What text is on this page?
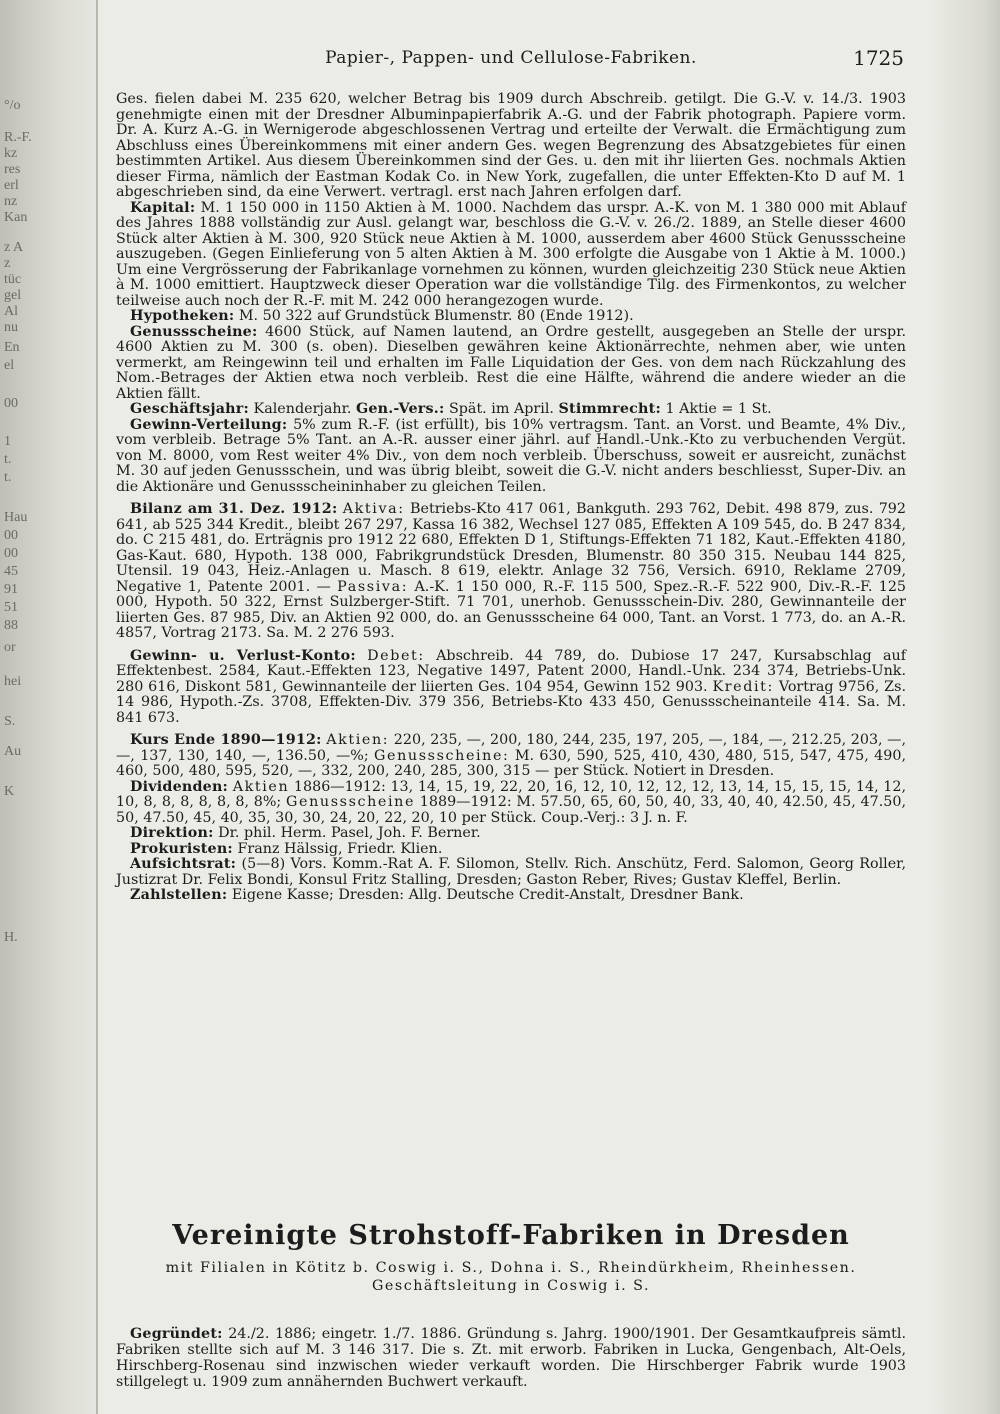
°/o
R.-F.
kz
res
erl
nz
Kan
z A
z
tüc
gel
Al
nu
En
el
00
1
t.
t.
Hau
00
00
45
91
51
88
or
hei
S.
Au
K
H.
Papier-, Pappen- und Cellulose-Fabriken.	1725

Ges. fielen dabei M. 235 620, welcher Betrag bis 1909 durch Abschreib. getilgt. Die G.-V. v. 14./3. 1903 genehmigte einen mit der Dresdner Albuminpapierfabrik A.-G. und der Fabrik photograph. Papiere vorm. Dr. A. Kurz A.-G. in Wernigerode abgeschlossenen Vertrag und erteilte der Verwalt. die Ermächtigung zum Abschluss eines Übereinkommens mit einer andern Ges. wegen Begrenzung des Absatzgebietes für einen bestimmten Artikel. Aus diesem Übereinkommen sind der Ges. u. den mit ihr liierten Ges. nochmals Aktien dieser Firma, nämlich der Eastman Kodak Co. in New York, zugefallen, die unter Effekten-Kto D auf M. 1 abgeschrieben sind, da eine Verwert. vertragl. erst nach Jahren erfolgen darf.

Kapital: M. 1 150 000 in 1150 Aktien à M. 1000. Nachdem das urspr. A.-K. von M. 1 380 000 mit Ablauf des Jahres 1888 vollständig zur Ausl. gelangt war, beschloss die G.-V. v. 26./2. 1889, an Stelle dieser 4600 Stück alter Aktien à M. 300, 920 Stück neue Aktien à M. 1000, ausserdem aber 4600 Stück Genussscheine auszugeben. (Gegen Einlieferung von 5 alten Aktien à M. 300 erfolgte die Ausgabe von 1 Aktie à M. 1000.) Um eine Vergrösserung der Fabrikanlage vornehmen zu können, wurden gleichzeitig 230 Stück neue Aktien à M. 1000 emittiert. Hauptzweck dieser Operation war die vollständige Tilg. des Firmenkontos, zu welcher teilweise auch noch der R.-F. mit M. 242 000 herangezogen wurde.

Hypotheken: M. 50 322 auf Grundstück Blumenstr. 80 (Ende 1912).

Genussscheine: 4600 Stück, auf Namen lautend, an Ordre gestellt, ausgegeben an Stelle der urspr. 4600 Aktien zu M. 300 (s. oben). Dieselben gewähren keine Aktionärrechte, nehmen aber, wie unten vermerkt, am Reingewinn teil und erhalten im Falle Liquidation der Ges. von dem nach Rückzahlung des Nom.-Betrages der Aktien etwa noch verbleib. Rest die eine Hälfte, während die andere wieder an die Aktien fällt.

Geschäftsjahr: Kalenderjahr. Gen.-Vers.: Spät. im April. Stimmrecht: 1 Aktie = 1 St.

Gewinn-Verteilung: 5% zum R.-F. (ist erfüllt), bis 10% vertragsm. Tant. an Vorst. und Beamte, 4% Div., vom verbleib. Betrage 5% Tant. an A.-R. ausser einer jährl. auf Handl.-Unk.-Kto zu verbuchenden Vergüt. von M. 8000, vom Rest weiter 4% Div., von dem noch verbleib. Überschuss, soweit er ausreicht, zunächst M. 30 auf jeden Genussschein, und was übrig bleibt, soweit die G.-V. nicht anders beschliesst, Super-Div. an die Aktionäre und Genussscheininhaber zu gleichen Teilen.

Bilanz am 31. Dez. 1912: Aktiva: Betriebs-Kto 417 061, Bankguth. 293 762, Debit. 498 879, zus. 792 641, ab 525 344 Kredit., bleibt 267 297, Kassa 16 382, Wechsel 127 085, Effekten A 109 545, do. B 247 834, do. C 215 481, do. Erträgnis pro 1912 22 680, Effekten D 1, Stiftungs-Effekten 71 182, Kaut.-Effekten 4180, Gas-Kaut. 680, Hypoth. 138 000, Fabrikgrundstück Dresden, Blumenstr. 80 350 315. Neubau 144 825, Utensil. 19 043, Heiz.-Anlagen u. Masch. 8 619, elektr. Anlage 32 756, Versich. 6910, Reklame 2709, Negative 1, Patente 2001. — Passiva: A.-K. 1 150 000, R.-F. 115 500, Spez.-R.-F. 522 900, Div.-R.-F. 125 000, Hypoth. 50 322, Ernst Sulzberger-Stift. 71 701, unerhob. Genussschein-Div. 280, Gewinnanteile der liierten Ges. 87 985, Div. an Aktien 92 000, do. an Genussscheine 64 000, Tant. an Vorst. 1 773, do. an A.-R. 4857, Vortrag 2173. Sa. M. 2 276 593.

Gewinn- u. Verlust-Konto: Debet: Abschreib. 44 789, do. Dubiose 17 247, Kursabschlag auf Effektenbest. 2584, Kaut.-Effekten 123, Negative 1497, Patent 2000, Handl.-Unk. 234 374, Betriebs-Unk. 280 616, Diskont 581, Gewinnanteile der liierten Ges. 104 954, Gewinn 152 903. Kredit: Vortrag 9756, Zs. 14 986, Hypoth.-Zs. 3708, Effekten-Div. 379 356, Betriebs-Kto 433 450, Genussscheinanteile 414. Sa. M. 841 673.

Kurs Ende 1890—1912: Aktien: 220, 235, —, 200, 180, 244, 235, 197, 205, —, 184, —, 212.25, 203, —, —, 137, 130, 140, —, 136.50, —%; Genussscheine: M. 630, 590, 525, 410, 430, 480, 515, 547, 475, 490, 460, 500, 480, 595, 520, —, 332, 200, 240, 285, 300, 315 — per Stück. Notiert in Dresden.

Dividenden: Aktien 1886—1912: 13, 14, 15, 19, 22, 20, 16, 12, 10, 12, 12, 12, 13, 14, 15, 15, 15, 14, 12, 10, 8, 8, 8, 8, 8, 8, 8%; Genussscheine 1889—1912: M. 57.50, 65, 60, 50, 40, 33, 40, 40, 42.50, 45, 47.50, 50, 47.50, 45, 40, 35, 30, 30, 24, 20, 22, 20, 10 per Stück. Coup.-Verj.: 3 J. n. F.

Direktion: Dr. phil. Herm. Pasel, Joh. F. Berner.

Prokuristen: Franz Hälssig, Friedr. Klien.

Aufsichtsrat: (5—8) Vors. Komm.-Rat A. F. Silomon, Stellv. Rich. Anschütz, Ferd. Salomon, Georg Roller, Justizrat Dr. Felix Bondi, Konsul Fritz Stalling, Dresden; Gaston Reber, Rives; Gustav Kleffel, Berlin.

Zahlstellen: Eigene Kasse; Dresden: Allg. Deutsche Credit-Anstalt, Dresdner Bank.

Vereinigte Strohstoff-Fabriken in Dresden
mit Filialen in Kötitz b. Coswig i. S., Dohna i. S., Rheindürkheim, Rheinhessen.
Geschäftsleitung in Coswig i. S.

Gegründet: 24./2. 1886; eingetr. 1./7. 1886. Gründung s. Jahrg. 1900/1901. Der Gesamtkaufpreis sämtl. Fabriken stellte sich auf M. 3 146 317. Die s. Zt. mit erworb. Fabriken in Lucka, Gengenbach, Alt-Oels, Hirschberg-Rosenau sind inzwischen wieder verkauft worden. Die Hirschberger Fabrik wurde 1903 stillgelegt u. 1909 zum annähernden Buchwert verkauft.
